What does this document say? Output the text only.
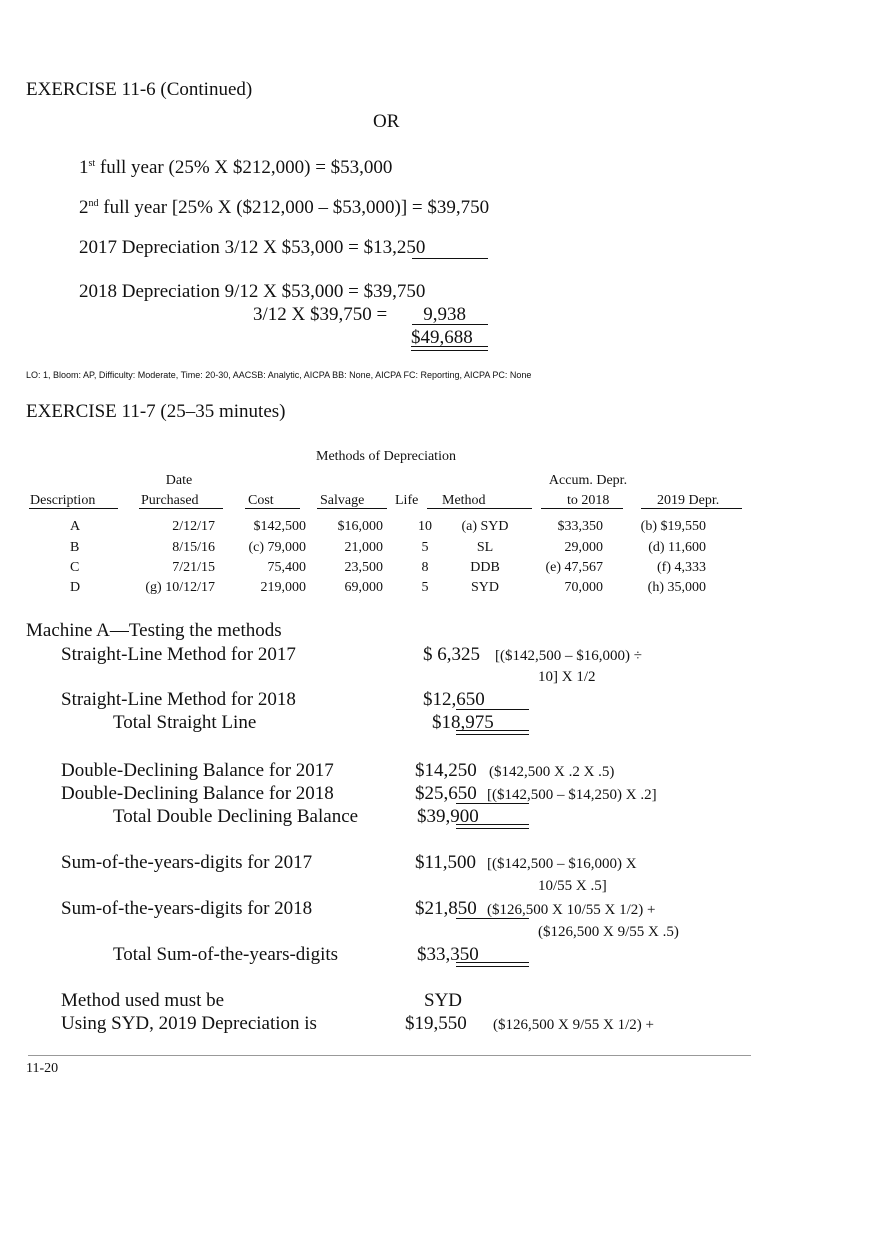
EXERCISE 11-6 (Continued)
OR
1st full year (25% X $212,000) = $53,000
2nd full year [25% X ($212,000 – $53,000)] = $39,750
2017 Depreciation 3/12 X $53,000 = $13,250
2018 Depreciation 9/12 X $53,000 = $39,750
3/12 X $39,750 =	9,938
$49,688
LO: 1, Bloom: AP, Difficulty: Moderate, Time: 20-30, AACSB: Analytic, AICPA BB: None, AICPA FC: Reporting, AICPA PC: None
EXERCISE 11-7 (25–35 minutes)
Methods of Depreciation
Date	Accum. Depr.
Description	Purchased	Cost	Salvage Life Method	to 2018	2019 Depr.
A	2/12/17	$142,500	$16,000	10	(a) SYD	$33,350	(b) $19,550
B	8/15/16	(c) 79,000	21,000	5	SL	29,000	(d) 11,600
C	7/21/15	75,400	23,500	8	DDB	(e) 47,567	(f) 4,333
D	(g) 10/12/17	219,000	69,000	5	SYD	70,000	(h) 35,000
Machine A—Testing the methods
Straight-Line Method for 2017	$ 6,325 [($142,500 – $16,000) ÷
10] X 1/2
Straight-Line Method for 2018	$12,650
Total Straight Line	$18,975
Double-Declining Balance for 2017	$14,250 ($142,500 X .2 X .5)
Double-Declining Balance for 2018	$25,650 [($142,500 – $14,250) X .2]
Total Double Declining Balance	$39,900
Sum-of-the-years-digits for 2017	$11,500 [($142,500 – $16,000) X
10/55 X .5]
Sum-of-the-years-digits for 2018	$21,850 ($126,500 X 10/55 X 1/2) +
($126,500 X 9/55 X .5)
Total Sum-of-the-years-digits	$33,350
Method used must be	SYD
Using SYD, 2019 Depreciation is	$19,550 ($126,500 X 9/55 X 1/2) +
11-20
